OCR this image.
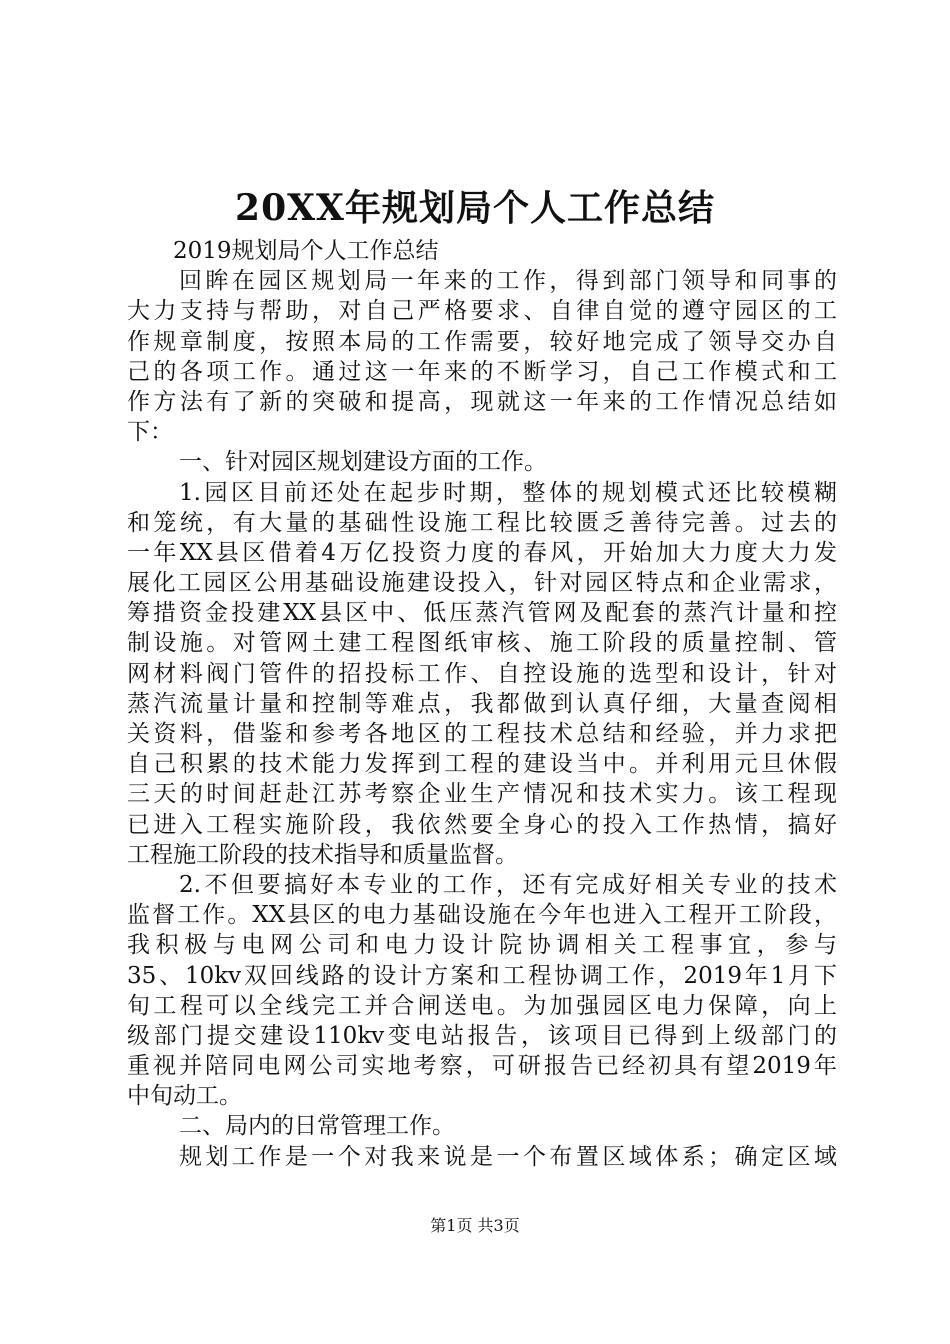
20XX年规划局个人工作总结
2019规划局个人工作总结
回眸在园区规划局一年来的工作，得到部门领导和同事的
大力支持与帮助，对自己严格要求、自律自觉的遵守园区的工
作规章制度，按照本局的工作需要，较好地完成了领导交办自
己的各项工作。通过这一年来的不断学习，自己工作模式和工
作方法有了新的突破和提高，现就这一年来的工作情况总结如
下：
一、针对园区规划建设方面的工作。
1.园区目前还处在起步时期，整体的规划模式还比较模糊
和笼统，有大量的基础性设施工程比较匮乏善待完善。过去的
一年XX县区借着4万亿投资力度的春风，开始加大力度大力发
展化工园区公用基础设施建设投入，针对园区特点和企业需求，
筹措资金投建XX县区中、低压蒸汽管网及配套的蒸汽计量和控
制设施。对管网土建工程图纸审核、施工阶段的质量控制、管
网材料阀门管件的招投标工作、自控设施的选型和设计，针对
蒸汽流量计量和控制等难点，我都做到认真仔细，大量查阅相
关资料，借鉴和参考各地区的工程技术总结和经验，并力求把
自己积累的技术能力发挥到工程的建设当中。并利用元旦休假
三天的时间赶赴江苏考察企业生产情况和技术实力。该工程现
已进入工程实施阶段，我依然要全身心的投入工作热情，搞好
工程施工阶段的技术指导和质量监督。
2.不但要搞好本专业的工作，还有完成好相关专业的技术
监督工作。XX县区的电力基础设施在今年也进入工程开工阶段，
我积极与电网公司和电力设计院协调相关工程事宜，参与
35、10kv双回线路的设计方案和工程协调工作，2019年1月下
旬工程可以全线完工并合闸送电。为加强园区电力保障，向上
级部门提交建设110kv变电站报告，该项目已得到上级部门的
重视并陪同电网公司实地考察，可研报告已经初具有望2019年
中旬动工。
二、局内的日常管理工作。
规划工作是一个对我来说是一个布置区域体系；确定区域
第1页 共3页
